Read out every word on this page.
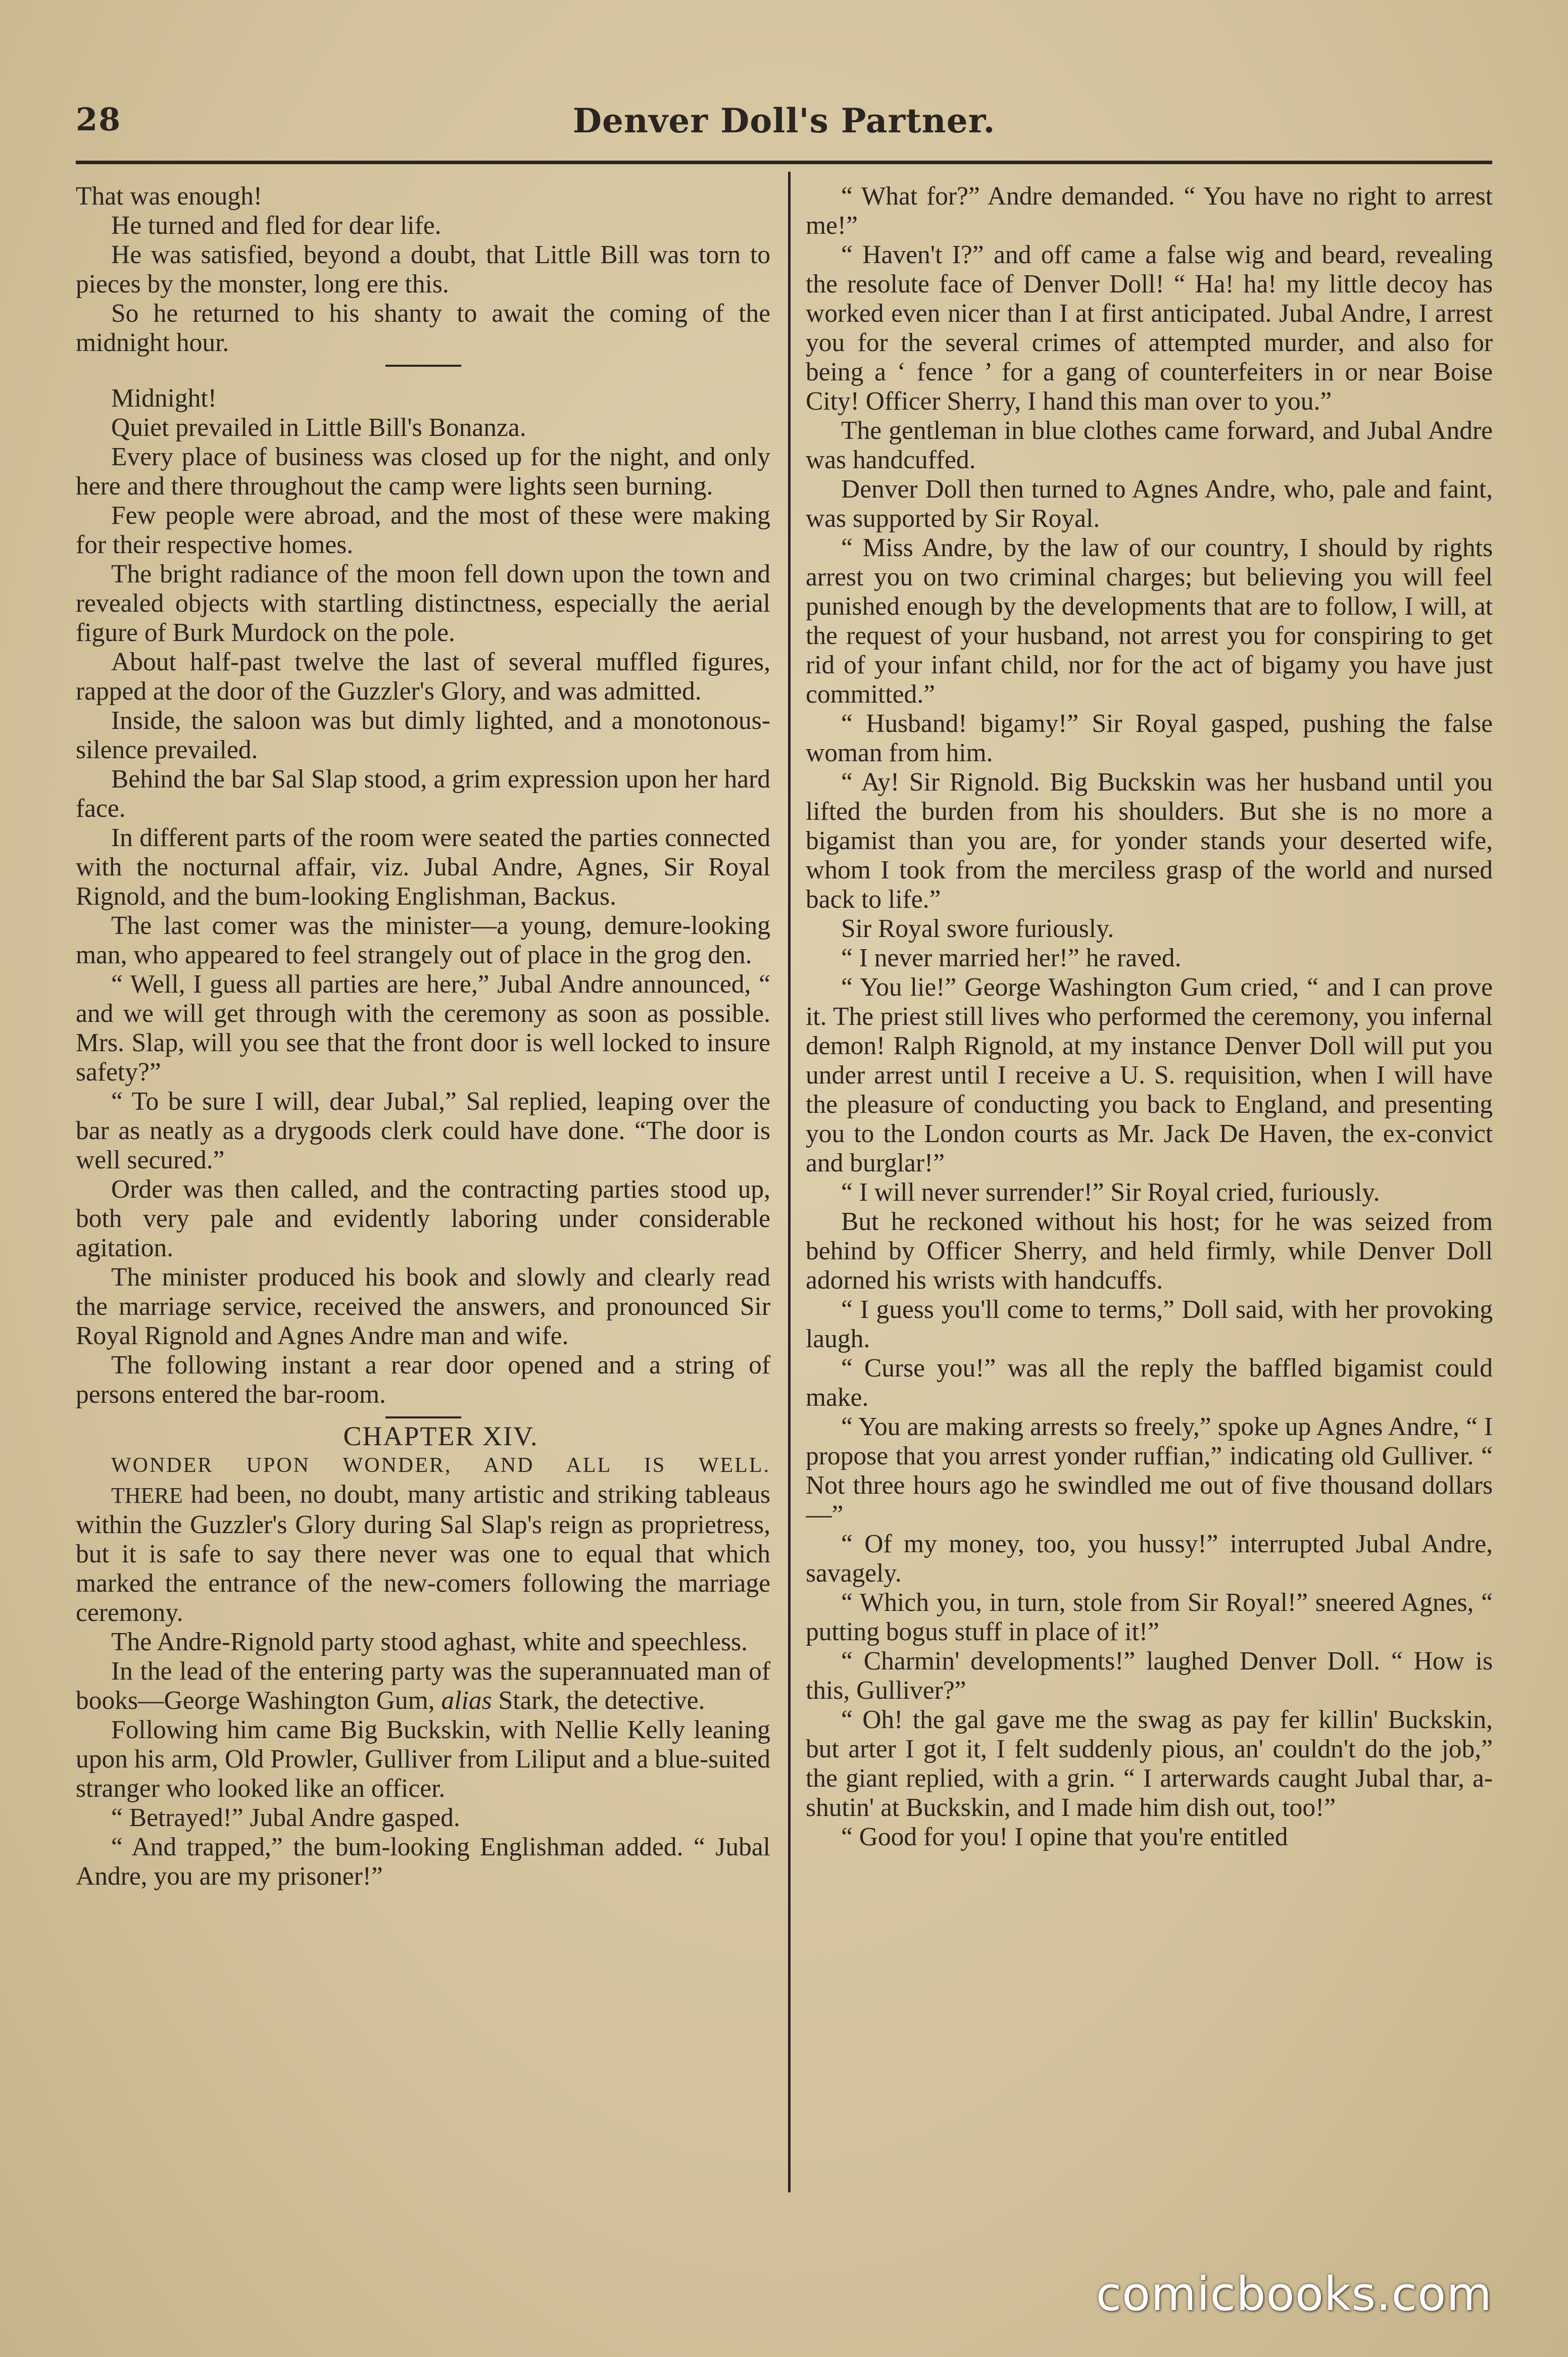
28	Denver Doll's Partner.

That was enough!

He turned and fled for dear life.

He was satisfied, beyond a doubt, that Little Bill was torn to pieces by the monster, long ere this.

So he returned to his shanty to await the coming of the midnight hour.

Midnight!

Quiet prevailed in Little Bill's Bonanza.

Every place of business was closed up for the night, and only here and there throughout the camp were lights seen burning.

Few people were abroad, and the most of these were making for their respective homes.

The bright radiance of the moon fell down upon the town and revealed objects with startling distinctness, especially the aerial figure of Burk Murdock on the pole.

About half-past twelve the last of several muffled figures, rapped at the door of the Guzzler's Glory, and was admitted.

Inside, the saloon was but dimly lighted, and a monotonous-silence prevailed.

Behind the bar Sal Slap stood, a grim expression upon her hard face.

In different parts of the room were seated the parties connected with the nocturnal affair, viz. Jubal Andre, Agnes, Sir Royal Rignold, and the bum-looking Englishman, Backus.

The last comer was the minister—a young, demure-looking man, who appeared to feel strangely out of place in the grog den.

“ Well, I guess all parties are here,” Jubal Andre announced, “ and we will get through with the ceremony as soon as possible. Mrs. Slap, will you see that the front door is well locked to insure safety?”

“ To be sure I will, dear Jubal,” Sal replied, leaping over the bar as neatly as a drygoods clerk could have done. “The door is well secured.”

Order was then called, and the contracting parties stood up, both very pale and evidently laboring under considerable agitation.

The minister produced his book and slowly and clearly read the marriage service, received the answers, and pronounced Sir Royal Rignold and Agnes Andre man and wife.

The following instant a rear door opened and a string of persons entered the bar-room.

CHAPTER XIV.

WONDER UPON WONDER, AND ALL IS WELL.

THERE had been, no doubt, many artistic and striking tableaus within the Guzzler's Glory during Sal Slap's reign as proprietress, but it is safe to say there never was one to equal that which marked the entrance of the new-comers following the marriage ceremony.

The Andre-Rignold party stood aghast, white and speechless.

In the lead of the entering party was the superannuated man of books—George Washington Gum, alias Stark, the detective.

Following him came Big Buckskin, with Nellie Kelly leaning upon his arm, Old Prowler, Gulliver from Liliput and a blue-suited stranger who looked like an officer.

“ Betrayed!” Jubal Andre gasped.

“ And trapped,” the bum-looking Englishman added. “ Jubal Andre, you are my prisoner!”

“ What for?” Andre demanded. “ You have no right to arrest me!”

“ Haven't I?” and off came a false wig and beard, revealing the resolute face of Denver Doll! “ Ha! ha! my little decoy has worked even nicer than I at first anticipated. Jubal Andre, I arrest you for the several crimes of attempted murder, and also for being a ‘ fence ’ for a gang of counterfeiters in or near Boise City! Officer Sherry, I hand this man over to you.”

The gentleman in blue clothes came forward, and Jubal Andre was handcuffed.

Denver Doll then turned to Agnes Andre, who, pale and faint, was supported by Sir Royal.

“ Miss Andre, by the law of our country, I should by rights arrest you on two criminal charges; but believing you will feel punished enough by the developments that are to follow, I will, at the request of your husband, not arrest you for conspiring to get rid of your infant child, nor for the act of bigamy you have just committed.”

“ Husband! bigamy!” Sir Royal gasped, pushing the false woman from him.

“ Ay! Sir Rignold. Big Buckskin was her husband until you lifted the burden from his shoulders. But she is no more a bigamist than you are, for yonder stands your deserted wife, whom I took from the merciless grasp of the world and nursed back to life.”

Sir Royal swore furiously.

“ I never married her!” he raved.

“ You lie!” George Washington Gum cried, “ and I can prove it. The priest still lives who performed the ceremony, you infernal demon! Ralph Rignold, at my instance Denver Doll will put you under arrest until I receive a U. S. requisition, when I will have the pleasure of conducting you back to England, and presenting you to the London courts as Mr. Jack De Haven, the ex-convict and burglar!”

“ I will never surrender!” Sir Royal cried, furiously.

But he reckoned without his host; for he was seized from behind by Officer Sherry, and held firmly, while Denver Doll adorned his wrists with handcuffs.

“ I guess you'll come to terms,” Doll said, with her provoking laugh.

“ Curse you!” was all the reply the baffled bigamist could make.

“ You are making arrests so freely,” spoke up Agnes Andre, “ I propose that you arrest yonder ruffian,” indicating old Gulliver. “ Not three hours ago he swindled me out of five thousand dollars—”

“ Of my money, too, you hussy!” interrupted Jubal Andre, savagely.

“ Which you, in turn, stole from Sir Royal!” sneered Agnes, “ putting bogus stuff in place of it!”

“ Charmin' developments!” laughed Denver Doll. “ How is this, Gulliver?”

“ Oh! the gal gave me the swag as pay fer killin' Buckskin, but arter I got it, I felt suddenly pious, an' couldn't do the job,” the giant replied, with a grin. “ I arterwards caught Jubal thar, a-shutin' at Buckskin, and I made him dish out, too!”

“ Good for you! I opine that you're entitled

comicbooks.com
